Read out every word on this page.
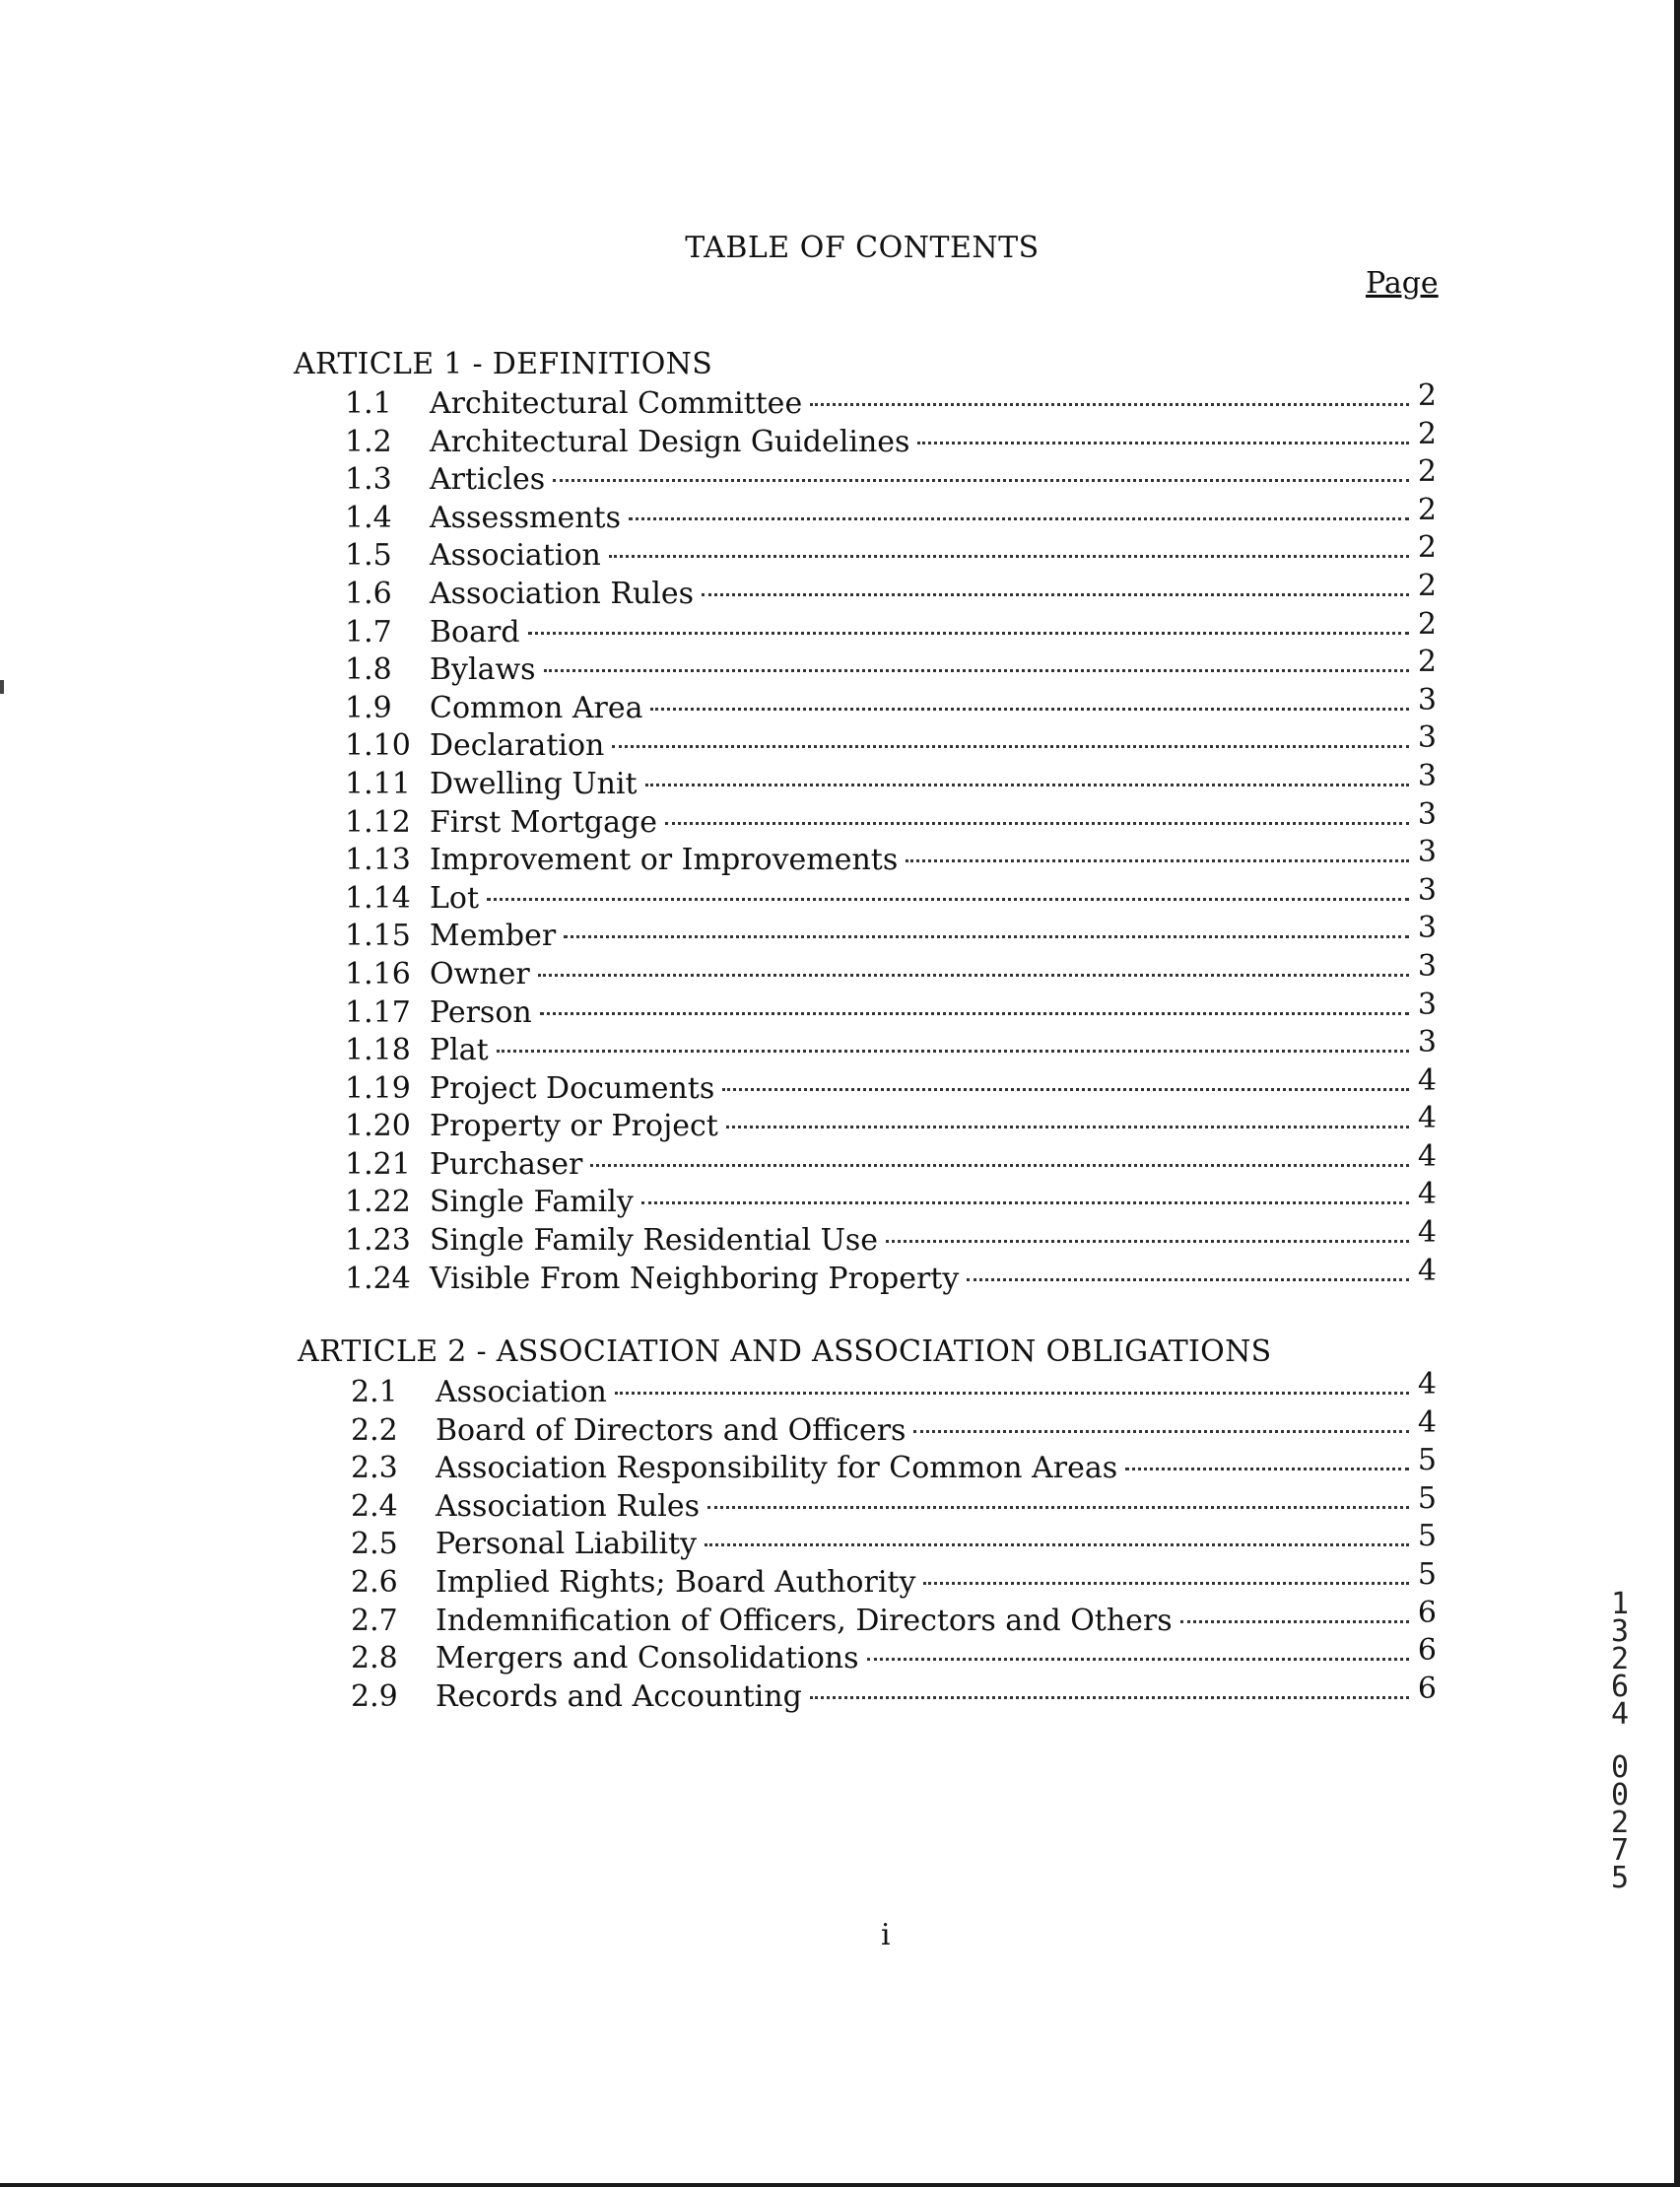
TABLE OF CONTENTS
Page
ARTICLE 1 - DEFINITIONS
1.1	Architectural Committee	2
1.2	Architectural Design Guidelines	2
1.3	Articles	2
1.4	Assessments	2
1.5	Association	2
1.6	Association Rules	2
1.7	Board	2
1.8	Bylaws	2
1.9	Common Area	3
1.10 Declaration	3
1.11 Dwelling Unit	3
1.12 First Mortgage	3
1.13 Improvement or Improvements	3
1.14 Lot	3
1.15 Member	3
1.16 Owner	3
1.17 Person	3
1.18 Plat	3
1.19 Project Documents	4
1.20 Property or Project	4
1.21 Purchaser	4
1.22 Single Family	4
1.23 Single Family Residential Use	4
1.24 Visible From Neighboring Property	4
ARTICLE 2 - ASSOCIATION AND ASSOCIATION OBLIGATIONS
2.1	Association	4
2.2	Board of Directors and Officers	4
2.3	Association Responsibility for Common Areas	5
2.4	Association Rules	5
2.5	Personal Liability	5
2.6	Implied Rights; Board Authority	5
2.7	Indemnification of Officers, Directors and Others	6
2.8	Mergers and Consolidations	6
2.9	Records and Accounting	6
i
1
3
2
6
4
0
0
2
7
5
